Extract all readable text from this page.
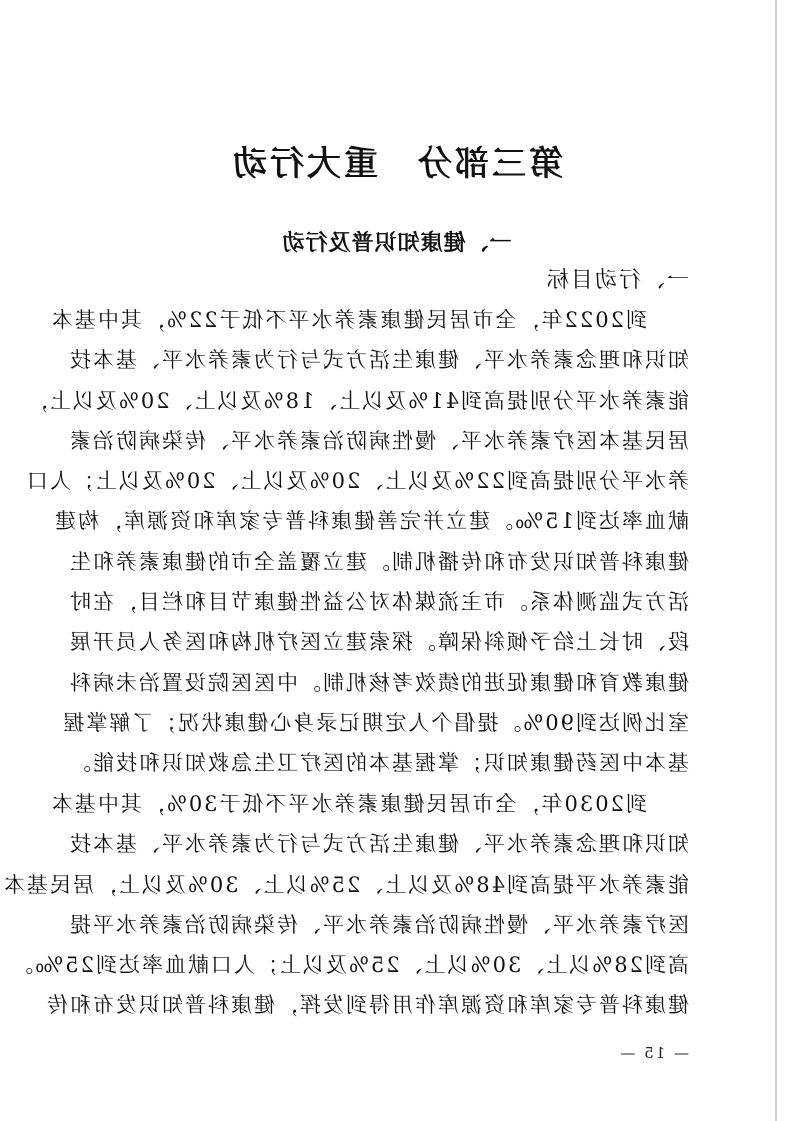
第三部分　重大行动
一、健康知识普及行动
一、行动目标
到2022年，全市居民健康素养水平不低于22%，其中基本
知识和理念素养水平、健康生活方式与行为素养水平、基本技
能素养水平分别提高到41%及以上、18%及以上、20%及以上，
居民基本医疗素养水平、慢性病防治素养水平、传染病防治素
养水平分别提高到22%及以上、20%及以上、20%及以上；人口
献血率达到15‰。建立并完善健康科普专家库和资源库，构建
健康科普知识发布和传播机制。建立覆盖全市的健康素养和生
活方式监测体系。市主流媒体对公益性健康节目和栏目，在时
段、时长上给予倾斜保障。探索建立医疗机构和医务人员开展
健康教育和健康促进的绩效考核机制。中医医院设置治未病科
室比例达到90%。提倡个人定期记录身心健康状况；了解掌握
基本中医药健康知识；掌握基本的医疗卫生急救知识和技能。
到2030年，全市居民健康素养水平不低于30%，其中基本
知识和理念素养水平、健康生活方式与行为素养水平、基本技
能素养水平提高到48%及以上、25%以上、30%及以上，居民基本
医疗素养水平、慢性病防治素养水平、传染病防治素养水平提
高到28%以上、30%以上、25%及以上；人口献血率达到25‰。
健康科普专家库和资源库作用得到发挥，健康科普知识发布和传
— 15 —
